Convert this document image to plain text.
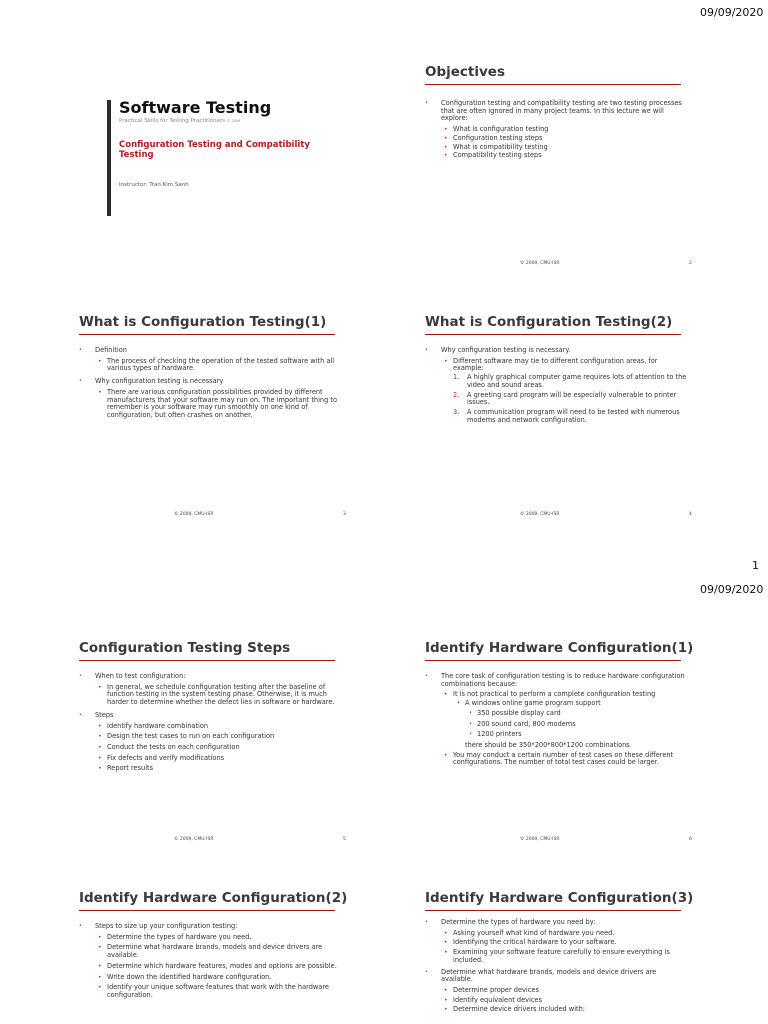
09/09/2020
Software Testing
Practical Skills for Testing Practitioners © 2009
Configuration Testing and Compatibility Testing
Instructor: Tran Kim Sanh
Objectives
• Configuration testing and compatibility testing are two testing processes that are often ignored in many project teams. In this lecture we will explore:
• What is configuration testing
• Configuration testing steps
• What is compatibility testing
• Compatibility testing steps
© 2009, CMU-ISR	2
What is Configuration Testing(1)
• Definition
• The process of checking the operation of the tested software with all various types of hardware.
• Why configuration testing is necessary
• There are various configuration possibilities provided by different manufacturers that your software may run on. The important thing to remember is your software may run smoothly on one kind of configuration, but often crashes on another.
© 2009, CMU-ISR	3
What is Configuration Testing(2)
• Why configuration testing is necessary.
• Different software may tie to different configuration areas, for example:
1. A highly graphical computer game requires lots of attention to the video and sound areas.
2. A greeting card program will be especially vulnerable to printer issues.
3. A communication program will need to be tested with numerous modems and network configuration.
© 2009, CMU-ISR	4
1
09/09/2020
Configuration Testing Steps
• When to test configuration:
• In general, we schedule configuration testing after the baseline of function testing in the system testing phase. Otherwise, it is much harder to determine whether the defect lies in software or hardware.
• Steps
• Identify hardware combination
• Design the test cases to run on each configuration
• Conduct the tests on each configuration
• Fix defects and verify modifications
• Report results
© 2009, CMU-ISR	5
Identify Hardware Configuration(1)
• The core task of configuration testing is to reduce hardware configuration combinations because:
• It is not practical to perform a complete configuration testing
• A windows online game program support
• 350 possible display card
• 200 sound card, 800 modems
• 1200 printers
there should be 350*200*800*1200 combinations
• You may conduct a certain number of test cases on these different configurations. The number of total test cases could be larger.
© 2009, CMU-ISR	6
Identify Hardware Configuration(2)
• Steps to size up your configuration testing:
• Determine the types of hardware you need.
• Determine what hardware brands, models and device drivers are available.
• Determine which hardware features, modes and options are possible.
• Write down the identified hardware configuration.
• Identify your unique software features that work with the hardware configuration.
Identify Hardware Configuration(3)
• Determine the types of hardware you need by:
• Asking yourself what kind of hardware you need.
• Identifying the critical hardware to your software.
• Examining your software feature carefully to ensure everything is included.
• Determine what hardware brands, models and device drivers are available.
• Determine proper devices
• Identify equivalent devices
• Determine device drivers included with:
